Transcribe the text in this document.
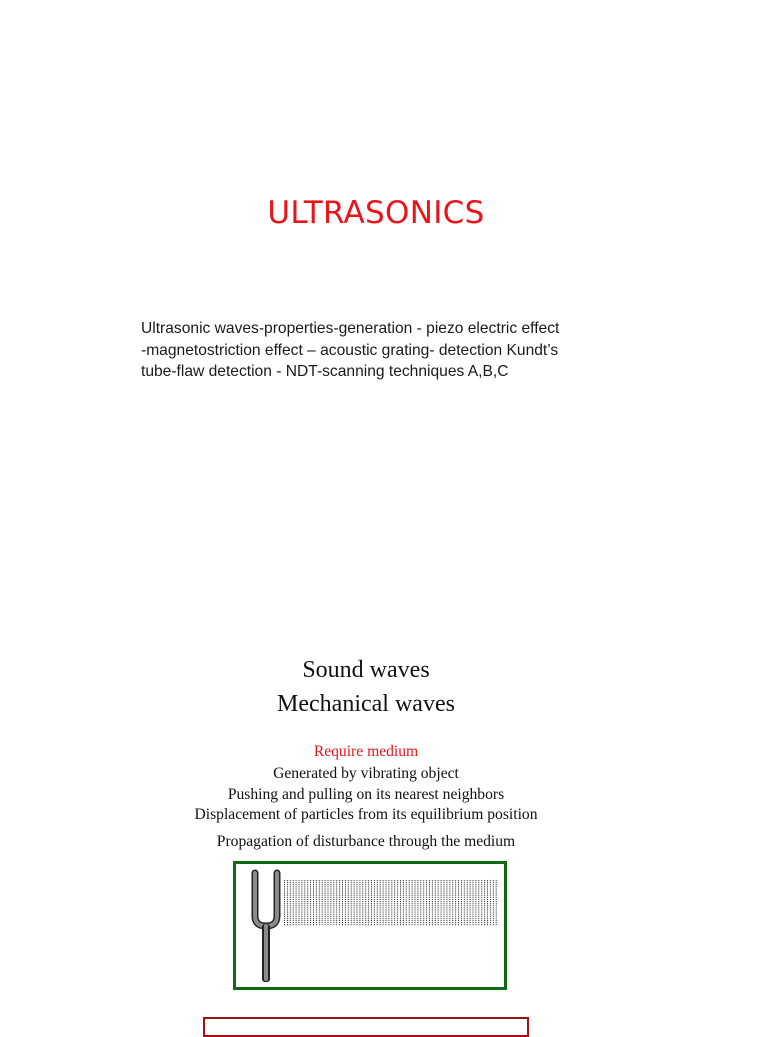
ULTRASONICS
Ultrasonic waves-properties-generation - piezo electric effect
-magnetostriction effect – acoustic grating- detection Kundt’s
tube-flaw detection - NDT-scanning techniques A,B,C
Sound waves
Mechanical waves
Require medium
Generated by vibrating object
Pushing and pulling on its nearest neighbors
Displacement of particles from its equilibrium position
Propagation of disturbance through the medium
